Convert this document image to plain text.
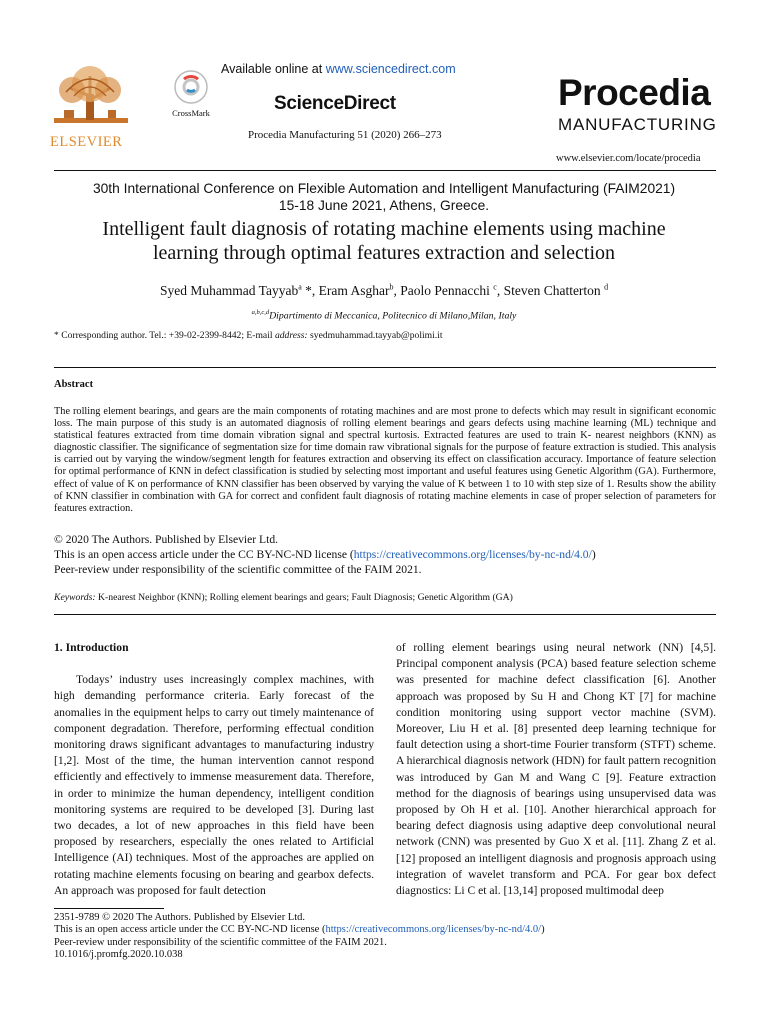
Available online at www.sciencedirect.com
ELSEVIER
CrossMark	ScienceDirect
Procedia Manufacturing 51 (2020) 266–273
Procedia
MANUFACTURING
www.elsevier.com/locate/procedia
30th International Conference on Flexible Automation and Intelligent Manufacturing (FAIM2021)
15-18 June 2021, Athens, Greece.
Intelligent fault diagnosis of rotating machine elements using machine
learning through optimal features extraction and selection
Syed Muhammad Tayyab$^a$ *, Eram Asghar$^b$, Paolo Pennacchi $^c$, Steven Chatterton $^d$
$^{a,b,c,d}$Dipartimento di Meccanica, Politecnico di Milano,Milan, Italy
* Corresponding author. Tel.: +39-02-2399-8442; E-mail address: syedmuhammad.tayyab@polimi.it
Abstract
The rolling element bearings, and gears are the main components of rotating machines and are most prone to defects which may result in significant economic loss. The main purpose of this study is an automated diagnosis of rolling element bearings and gears defects using machine learning (ML) technique and statistical features extracted from time domain vibration signal and spectral kurtosis. Extracted features are used to train K- nearest neighbors (KNN) as diagnostic classifier. The significance of segmentation size for time domain raw vibrational signals for the purpose of feature extraction is studied. This analysis is carried out by varying the window/segment length for features extraction and observing its effect on classification accuracy. Importance of feature selection for optimal performance of KNN in defect classification is studied by selecting most important and useful features using Genetic Algorithm (GA). Furthermore, effect of value of K on performance of KNN classifier has been observed by varying the value of K between 1 to 10 with step size of 1. Results show the ability of KNN classifier in combination with GA for correct and confident fault diagnosis of rotating machine elements in case of proper selection of parameters for features extraction.
© 2020 The Authors. Published by Elsevier Ltd.
This is an open access article under the CC BY-NC-ND license (https://creativecommons.org/licenses/by-nc-nd/4.0/)
Peer-review under responsibility of the scientific committee of the FAIM 2021.
Keywords: K-nearest Neighbor (KNN); Rolling element bearings and gears; Fault Diagnosis; Genetic Algorithm (GA)

1. Introduction

Todays’ industry uses increasingly complex machines, with high demanding performance criteria. Early forecast of the anomalies in the equipment helps to carry out timely maintenance of component degradation. Therefore, performing effectual condition monitoring draws significant advantages to manufacturing industry [1,2]. Most of the time, the human intervention cannot respond efficiently and effectively to immense measurement data. Therefore, in order to minimize the human dependency, intelligent condition monitoring systems are required to be developed [3]. During last two decades, a lot of new approaches in this field have been proposed by researchers, especially the ones related to Artificial Intelligence (AI) techniques. Most of the approaches are applied on rotating machine elements focusing on bearing and gearbox defects. An approach was proposed for fault detection

of rolling element bearings using neural network (NN) [4,5]. Principal component analysis (PCA) based feature selection scheme was presented for machine defect classification [6]. Another approach was proposed by Su H and Chong KT [7] for machine condition monitoring using support vector machine (SVM). Moreover, Liu H et al. [8] presented deep learning technique for fault detection using a short-time Fourier transform (STFT) scheme. A hierarchical diagnosis network (HDN) for fault pattern recognition was introduced by Gan M and Wang C [9]. Feature extraction method for the diagnosis of bearings using unsupervised data was proposed by Oh H et al. [10]. Another hierarchical approach for bearing defect diagnosis using adaptive deep convolutional neural network (CNN) was presented by Guo X et al. [11]. Zhang Z et al. [12] proposed an intelligent diagnosis and prognosis approach using integration of wavelet transform and PCA. For gear box defect diagnostics: Li C et al. [13,14] proposed multimodal deep

2351-9789 © 2020 The Authors. Published by Elsevier Ltd.
This is an open access article under the CC BY-NC-ND license (https://creativecommons.org/licenses/by-nc-nd/4.0/)
Peer-review under responsibility of the scientific committee of the FAIM 2021.
10.1016/j.promfg.2020.10.038
